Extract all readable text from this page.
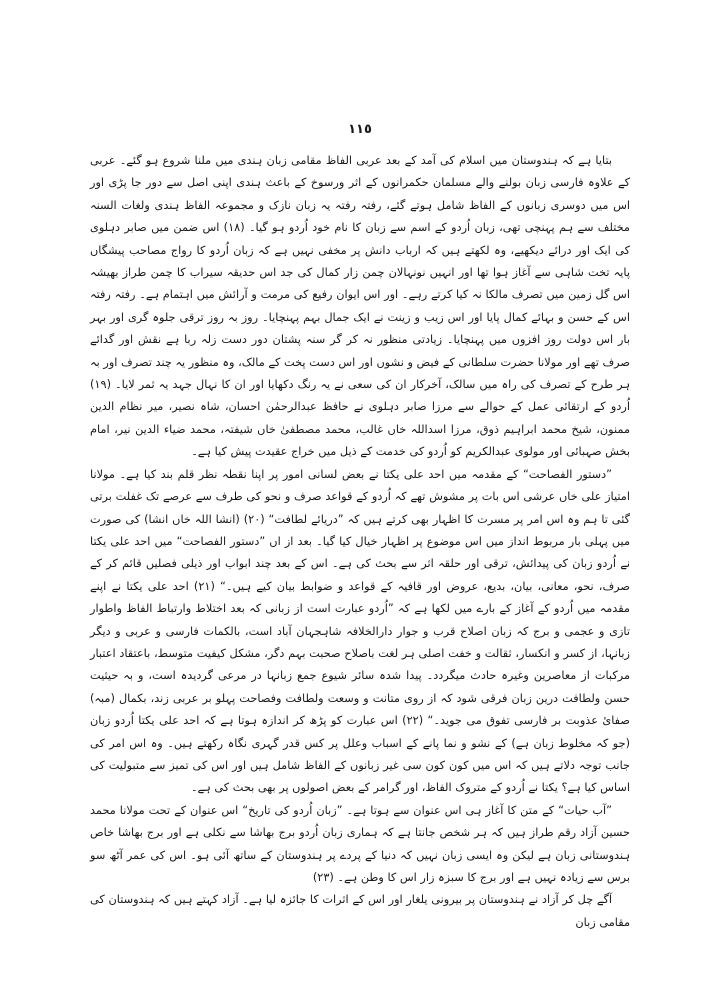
١١٥

بتایا ہے کہ ہندوستان میں اسلام کی آمد کے بعد عربی الفاظ مقامی زبان ہندی میں ملنا شروع ہو گئے۔ عربی کے علاوہ فارسی زبان بولنے والے مسلمان حکمرانوں کے اثر ورسوخ کے باعث ہندی اپنی اصل سے دور جا پڑی اور اس میں دوسری زبانوں کے الفاظ شامل ہوتے گئے، رفتہ رفتہ یہ زبان نازک و مجموعہ الفاظ ہندی ولغات السنہ مختلف سے ہم پہنچی تھی، زبان اُردو کے اسم سے زبان کا نام خود اُردو ہو گیا۔ (١٨) اس ضمن میں صابر دہلوی کی ایک اور درائے دیکھیے، وہ لکھتے ہیں کہ ارباب دانش پر مخفی نہیں ہے کہ زبان اُردو کا رواج مصاحب پیشگاں پایہ تخت شاہی سے آغاز ہوا تھا اور انہیں نونہالان چمن زار کمال کی جد اس حدیقہ سیراب کا چمن طراز بھیشہ اس گل زمین میں تصرف مالکا نہ کیا کرتے رہے۔ اور اس ایوان رفیع کی مرمت و آرائش میں اہتمام ہے۔ رفتہ رفتہ اس کے حسن و بہائے کمال پایا اور اس زیب و زینت نے ایک جمال بہم پہنچایا۔ روز بہ روز ترقی جلوہ گری اور بہر بار اس دولت روز افزوں میں پہنچایا۔ زیادتی منظور نہ کر گر سنہ پشتان دور دست زلہ ربا ہے نقش اور گدائے صرف تھے اور مولانا حضرت سلطانی کے فیض و نشوں اور اس دست پخت کے مالک، وہ منظور یہ چند تصرف اور بہ ہر طرح کے تصرف کی راہ میں سالک، آخرکار ان کی سعی نے یہ رنگ دکھایا اور ان کا نہال جہد یہ ثمر لایا۔ (١٩) اُردو کے ارتقائی عمل کے حوالے سے مرزا صابر دہلوی نے حافظ عبدالرحمٰن احسان، شاہ نصیر، میر نظام الدین ممنون، شیخ محمد ابراہیم ذوق، مرزا اسداللہ خاں غالب، محمد مصطفیٰ خاں شیفتہ، محمد ضیاء الدین نیر، امام بخش صہبائی اور مولوی عبدالکریم کو اُردو کی خدمت کے ذیل میں خراج عقیدت پیش کیا ہے۔

”دستور الفصاحت“ کے مقدمہ میں احد علی یکتا نے بعض لسانی امور پر اپنا نقطہ نظر قلم بند کیا ہے۔ مولانا امتیاز علی خاں عرشی اس بات پر مشوش تھے کہ اُردو کے قواعد صرف و نحو کی طرف سے عرصے تک غفلت برتی گئی تا ہم وہ اس امر پر مسرت کا اظہار بھی کرتے ہیں کہ ”دریائے لطافت“ (٢٠) (انشا اللہ خاں انشا) کی صورت میں پہلی بار مربوط انداز میں اس موضوع پر اظہار خیال کیا گیا۔ بعد از اں ”دستور الفصاحت“ میں احد علی یکتا نے اُردو زبان کی پیدائش، ترقی اور حلقہ اثر سے بحث کی ہے۔ اس کے بعد چند ابواب اور ذیلی فصلیں قائم کر کے صرف، نحو، معانی، بیان، بدیع، عروض اور قافیہ کے قواعد و ضوابط بیان کیے ہیں۔“ (٢١) احد علی یکتا نے اپنے مقدمہ میں اُردو کے آغاز کے بارے میں لکھا ہے کہ ”اُردو عبارت است از زبانی کہ بعد اختلاط وارتباط الفاظ واطوار تازی و عجمی و برج کہ زبان اصلاح قرب و جوار دارالخلافہ شاہجہان آباد است، بالکمات فارسی و عربی و دیگر زبانہا، از کسر و انکسار، ثقالت و خفت اصلی ہر لغت باصلاح صحبت بہم دگر، مشکل کیفیت متوسط، باعتقاد اعتبار مرکبات از معاصرین وغیرہ حادث میگردد۔ پیدا شدہ سائر شیوع جمع زبانہا در مرعی گردیدہ است، و بہ حیثیت حسن ولطافت درین زبان فرقی شود کہ از روی متانت و وسعت ولطافت وفصاحت پہلو بر عربی زند، بکمال (مبہ) صفائ عذوبت بر فارسی تفوق می جوید۔“ (٢٢) اس عبارت کو پڑھ کر اندازہ ہوتا ہے کہ احد علی یکتا اُردو زبان (جو کہ مخلوط زبان ہے) کے نشو و نما پانے کے اسباب وعلل پر کس قدر گہری نگاہ رکھتے ہیں۔ وہ اس امر کی جانب توجہ دلاتے ہیں کہ اس میں کون کون سی غیر زبانوں کے الفاظ شامل ہیں اور اس کی تمیز سے متبولیت کی اساس کیا ہے؟ یکتا نے اُردو کے متروک الفاظ، اور گرامر کے بعض اصولوں پر بھی بحث کی ہے۔

”آب حیات“ کے متن کا آغاز ہی اس عنوان سے ہوتا ہے۔ ”زبان اُردو کی تاریخ“ اس عنوان کے تحت مولانا محمد حسین آزاد رقم طراز ہیں کہ ہر شخص جانتا ہے کہ ہماری زبان اُردو برج بھاشا سے نکلی ہے اور برج بھاشا خاص ہندوستانی زبان ہے لیکن وہ ایسی زبان نہیں کہ دنیا کے پردے پر ہندوستان کے ساتھ آئی ہو۔ اس کی عمر آٹھ سو برس سے زیادہ نہیں ہے اور برج کا سبزہ زار اس کا وطن ہے۔ (٢٣)

آگے چل کر آزاد نے ہندوستان پر بیرونی یلغار اور اس کے اثرات کا جائزہ لیا ہے۔ آزاد کہتے ہیں کہ ہندوستان کی مقامی زبان
